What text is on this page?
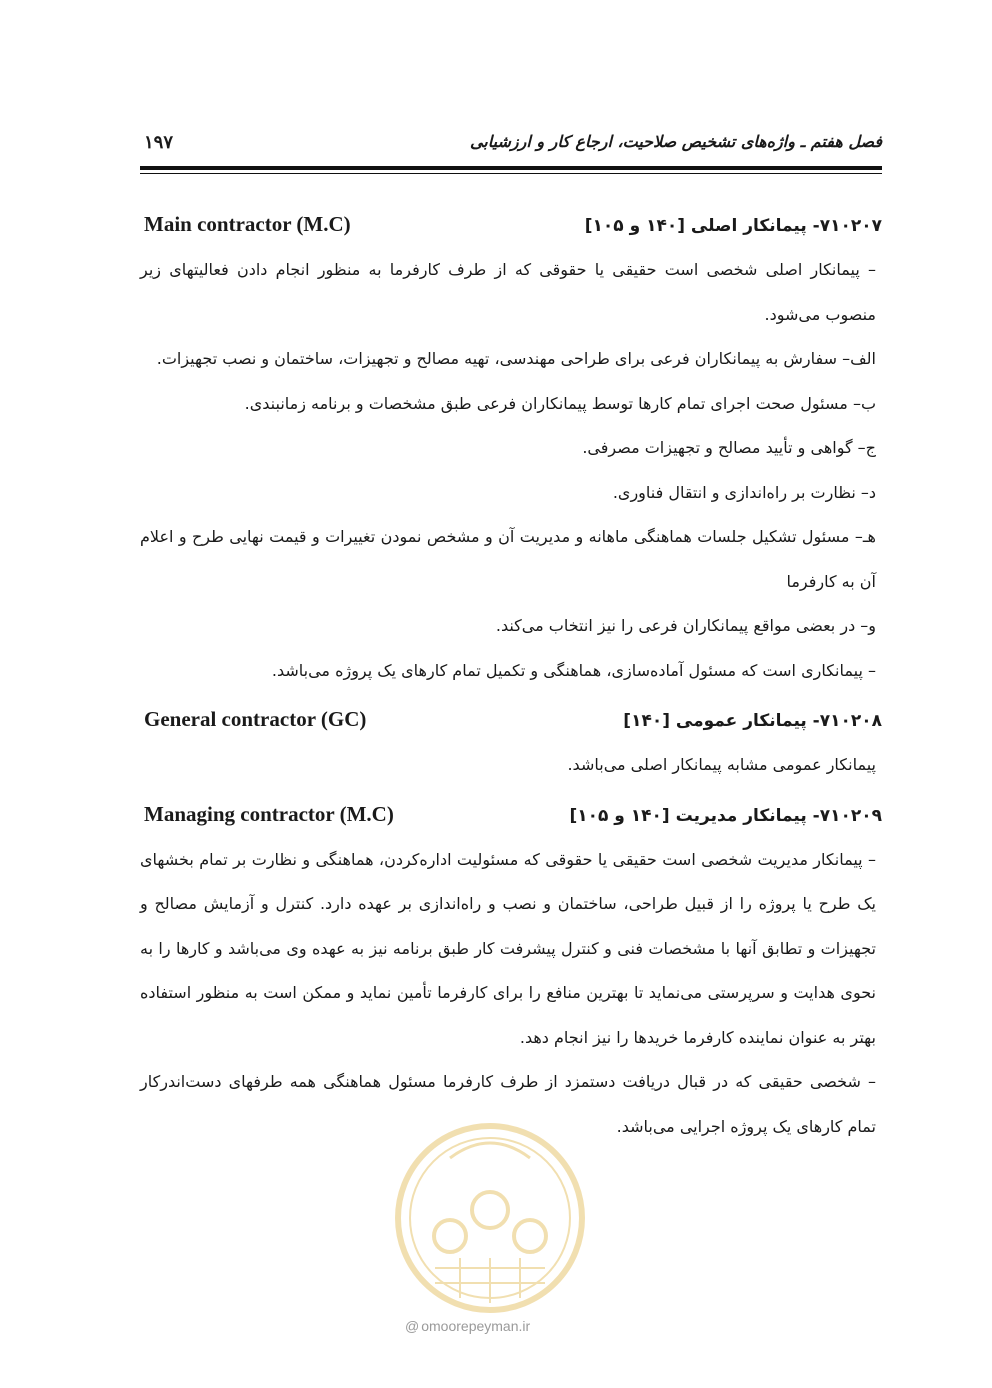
فصل هفتم ـ واژه‌های تشخیص صلاحیت، ارجاع کار و ارزشیابی
۱۹۷
۷۱۰۲۰۷- پیمانکار اصلی [۱۴۰ و ۱۰۵]
Main contractor (M.C)
– پیمانکار اصلی شخصی است حقیقی یا حقوقی که از طرف کارفرما به منظور انجام دادن فعالیتهای زیر منصوب می‌شود.
الف– سفارش به پیمانکاران فرعی برای طراحی مهندسی، تهیه مصالح و تجهیزات، ساختمان و نصب تجهیزات.
ب– مسئول صحت اجرای تمام کارها توسط پیمانکاران فرعی طبق مشخصات و برنامه زمانبندی.
ج– گواهی و تأیید مصالح و تجهیزات مصرفی.
د– نظارت بر راه‌اندازی و انتقال فناوری.
هـ– مسئول تشکیل جلسات هماهنگی ماهانه و مدیریت آن و مشخص نمودن تغییرات و قیمت نهایی طرح و اعلام آن به کارفرما
و– در بعضی مواقع پیمانکاران فرعی را نیز انتخاب می‌کند.
– پیمانکاری است که مسئول آماده‌سازی، هماهنگی و تکمیل تمام کارهای یک پروژه می‌باشد.
۷۱۰۲۰۸- پیمانکار عمومی [۱۴۰]
General contractor (GC)
پیمانکار عمومی مشابه پیمانکار اصلی می‌باشد.
۷۱۰۲۰۹- پیمانکار مدیریت [۱۴۰ و ۱۰۵]
Managing contractor (M.C)
– پیمانکار مدیریت شخصی است حقیقی یا حقوقی که مسئولیت اداره‌کردن، هماهنگی و نظارت بر تمام بخشهای یک طرح یا پروژه را از قبیل طراحی، ساختمان و نصب و راه‌اندازی بر عهده دارد. کنترل و آزمایش مصالح و تجهیزات و تطابق آنها با مشخصات فنی و کنترل پیشرفت کار طبق برنامه نیز به عهده وی می‌باشد و کارها را به نحوی هدایت و سرپرستی می‌نماید تا بهترین منافع را برای کارفرما تأمین نماید و ممکن است به منظور استفاده بهتر به عنوان نماینده کارفرما خریدها را نیز انجام دهد.
– شخصی حقیقی که در قبال دریافت دستمزد از طرف کارفرما مسئول هماهنگی همه طرفهای دست‌اندرکار تمام کارهای یک پروژه اجرایی می‌باشد.
@ omoorepeyman.ir
